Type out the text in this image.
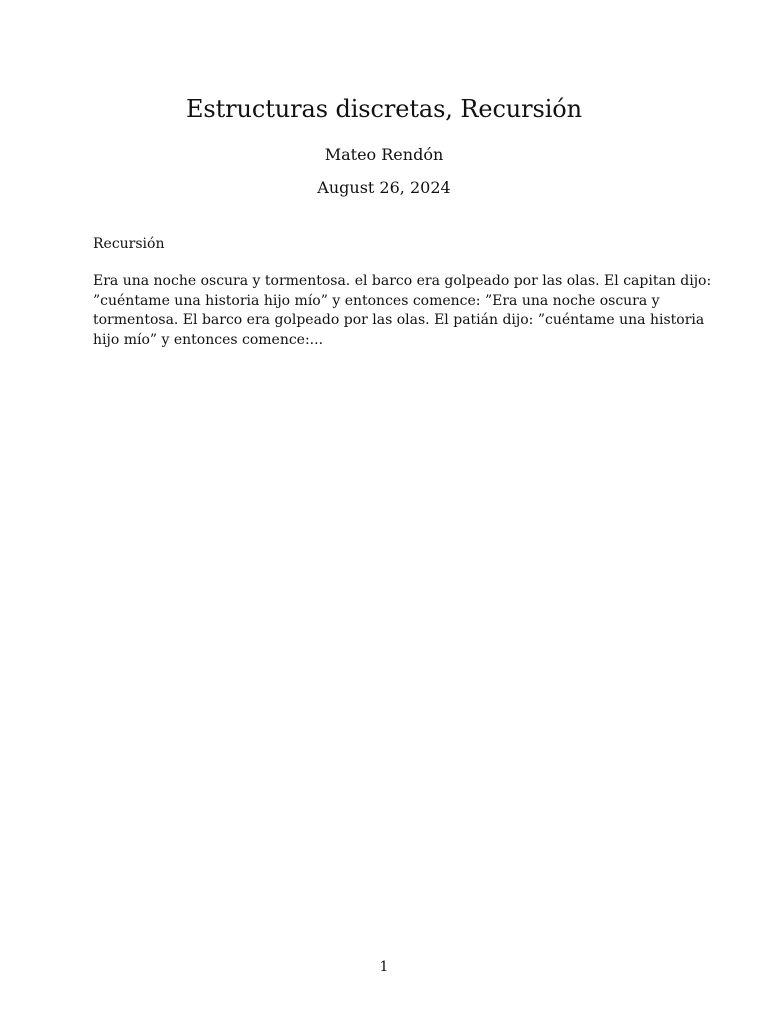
Estructuras discretas, Recursión
Mateo Rendón
August 26, 2024
Recursión

Era una noche oscura y tormentosa. el barco era golpeado por las olas. El capitan dijo:
”cuéntame una historia hijo mío” y entonces comence: ”Era una noche oscura y
tormentosa. El barco era golpeado por las olas. El patián dijo: ”cuéntame una historia
hijo mío” y entonces comence:...

1
